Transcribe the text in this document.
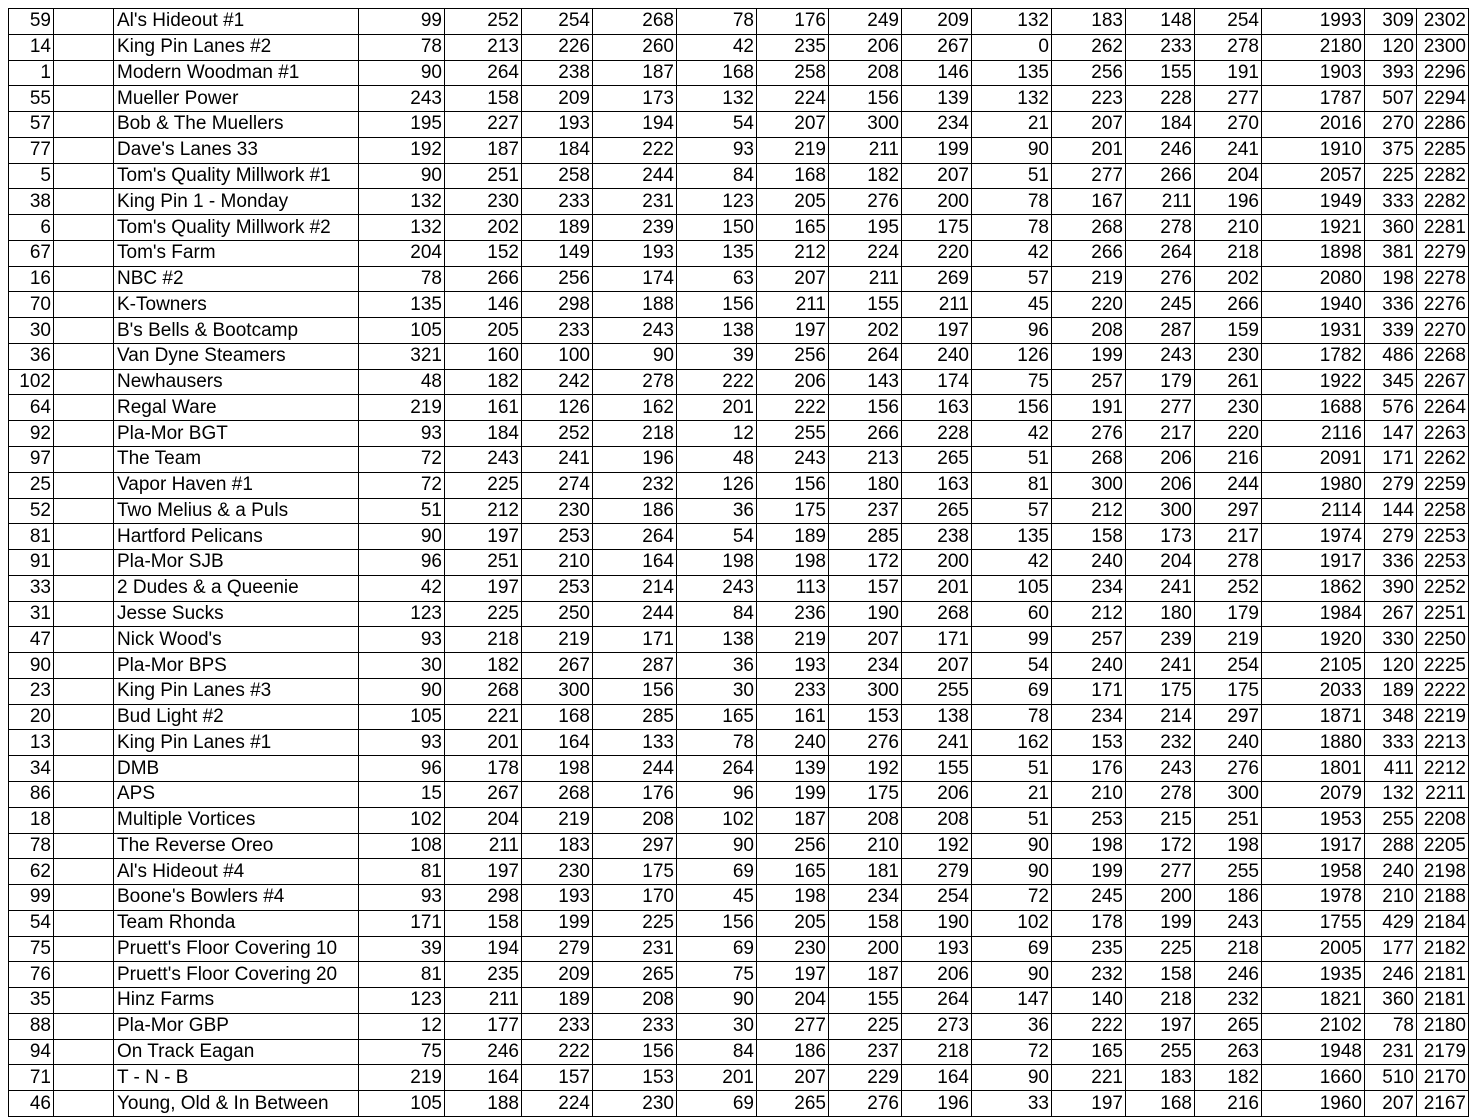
59		Al's Hideout #1	99	252	254	268	78	176	249	209	132	183	148	254	1993	309	2302
14		King Pin Lanes #2	78	213	226	260	42	235	206	267	0	262	233	278	2180	120	2300
1		Modern Woodman #1	90	264	238	187	168	258	208	146	135	256	155	191	1903	393	2296
55		Mueller Power	243	158	209	173	132	224	156	139	132	223	228	277	1787	507	2294
57		Bob & The Muellers	195	227	193	194	54	207	300	234	21	207	184	270	2016	270	2286
77		Dave's Lanes 33	192	187	184	222	93	219	211	199	90	201	246	241	1910	375	2285
5		Tom's Quality Millwork #1	90	251	258	244	84	168	182	207	51	277	266	204	2057	225	2282
38		King Pin 1 - Monday	132	230	233	231	123	205	276	200	78	167	211	196	1949	333	2282
6		Tom's Quality Millwork #2	132	202	189	239	150	165	195	175	78	268	278	210	1921	360	2281
67		Tom's Farm	204	152	149	193	135	212	224	220	42	266	264	218	1898	381	2279
16		NBC #2	78	266	256	174	63	207	211	269	57	219	276	202	2080	198	2278
70		K-Towners	135	146	298	188	156	211	155	211	45	220	245	266	1940	336	2276
30		B's Bells & Bootcamp	105	205	233	243	138	197	202	197	96	208	287	159	1931	339	2270
36		Van Dyne Steamers	321	160	100	90	39	256	264	240	126	199	243	230	1782	486	2268
102		Newhausers	48	182	242	278	222	206	143	174	75	257	179	261	1922	345	2267
64		Regal Ware	219	161	126	162	201	222	156	163	156	191	277	230	1688	576	2264
92		Pla-Mor BGT	93	184	252	218	12	255	266	228	42	276	217	220	2116	147	2263
97		The Team	72	243	241	196	48	243	213	265	51	268	206	216	2091	171	2262
25		Vapor Haven #1	72	225	274	232	126	156	180	163	81	300	206	244	1980	279	2259
52		Two Melius & a Puls	51	212	230	186	36	175	237	265	57	212	300	297	2114	144	2258
81		Hartford Pelicans	90	197	253	264	54	189	285	238	135	158	173	217	1974	279	2253
91		Pla-Mor SJB	96	251	210	164	198	198	172	200	42	240	204	278	1917	336	2253
33		2 Dudes & a Queenie	42	197	253	214	243	113	157	201	105	234	241	252	1862	390	2252
31		Jesse Sucks	123	225	250	244	84	236	190	268	60	212	180	179	1984	267	2251
47		Nick Wood's	93	218	219	171	138	219	207	171	99	257	239	219	1920	330	2250
90		Pla-Mor BPS	30	182	267	287	36	193	234	207	54	240	241	254	2105	120	2225
23		King Pin Lanes #3	90	268	300	156	30	233	300	255	69	171	175	175	2033	189	2222
20		Bud Light #2	105	221	168	285	165	161	153	138	78	234	214	297	1871	348	2219
13		King Pin Lanes #1	93	201	164	133	78	240	276	241	162	153	232	240	1880	333	2213
34		DMB	96	178	198	244	264	139	192	155	51	176	243	276	1801	411	2212
86		APS	15	267	268	176	96	199	175	206	21	210	278	300	2079	132	2211
18		Multiple Vortices	102	204	219	208	102	187	208	208	51	253	215	251	1953	255	2208
78		The Reverse Oreo	108	211	183	297	90	256	210	192	90	198	172	198	1917	288	2205
62		Al's Hideout #4	81	197	230	175	69	165	181	279	90	199	277	255	1958	240	2198
99		Boone's Bowlers #4	93	298	193	170	45	198	234	254	72	245	200	186	1978	210	2188
54		Team Rhonda	171	158	199	225	156	205	158	190	102	178	199	243	1755	429	2184
75		Pruett's Floor Covering 10	39	194	279	231	69	230	200	193	69	235	225	218	2005	177	2182
76		Pruett's Floor Covering 20	81	235	209	265	75	197	187	206	90	232	158	246	1935	246	2181
35		Hinz Farms	123	211	189	208	90	204	155	264	147	140	218	232	1821	360	2181
88		Pla-Mor GBP	12	177	233	233	30	277	225	273	36	222	197	265	2102	78	2180
94		On Track Eagan	75	246	222	156	84	186	237	218	72	165	255	263	1948	231	2179
71		T - N - B	219	164	157	153	201	207	229	164	90	221	183	182	1660	510	2170
46		Young, Old & In Between	105	188	224	230	69	265	276	196	33	197	168	216	1960	207	2167
